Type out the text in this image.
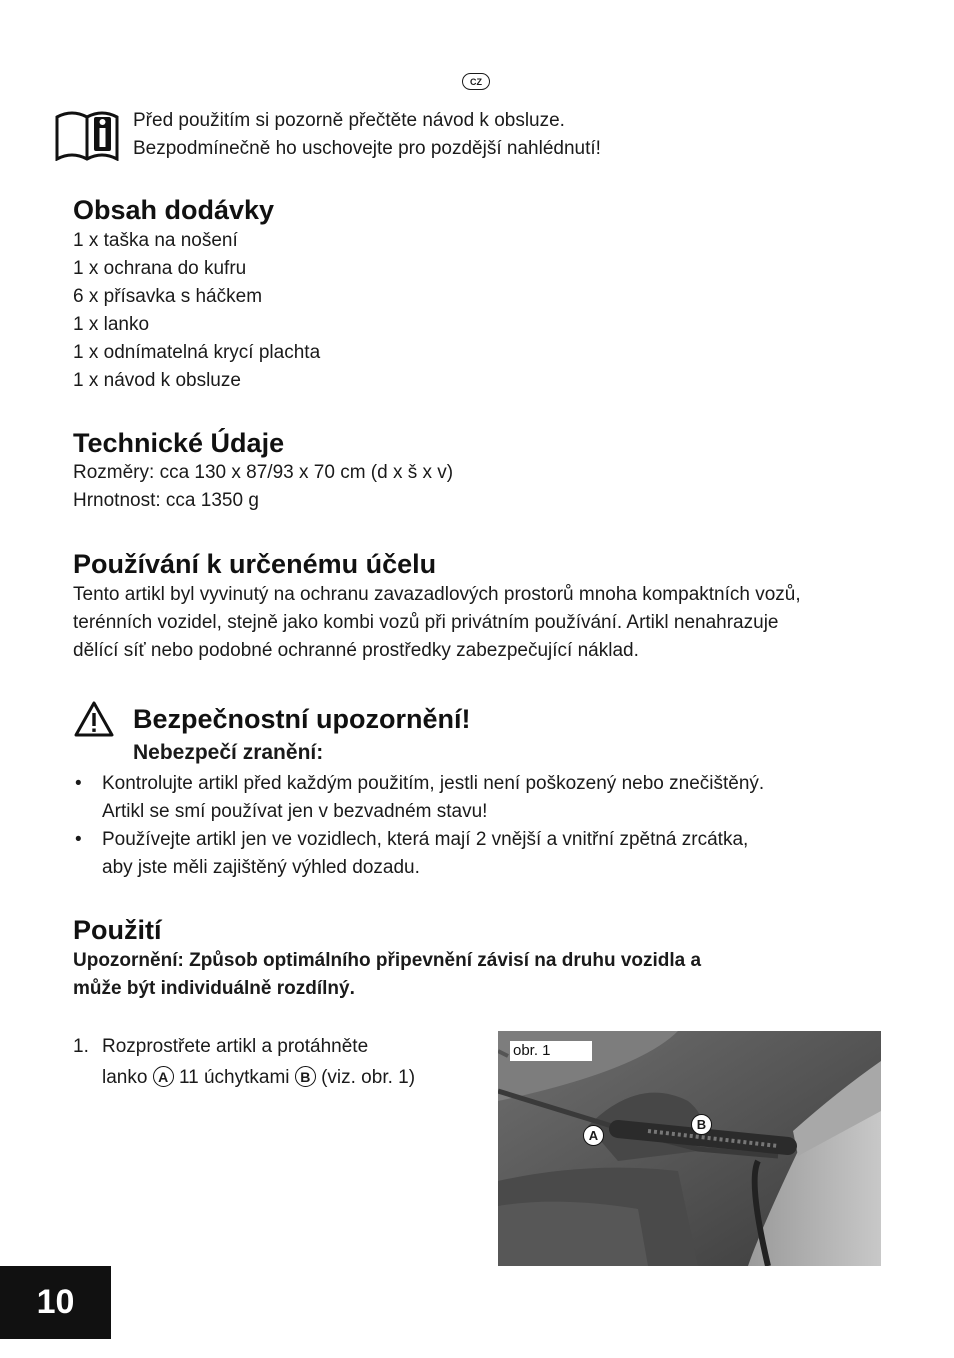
CZ
Před použitím si pozorně přečtěte návod k obsluze.
Bezpodmínečně ho uschovejte pro pozdější nahlédnutí!
Obsah dodávky
1 x taška na nošení
1 x ochrana do kufru
6 x přísavka s háčkem
1 x lanko
1 x odnímatelná krycí plachta
1 x návod k obsluze
Technické Údaje
Rozměry: cca 130 x 87/93 x 70 cm (d x š x v)
Hrnotnost: cca 1350 g
Používání k určenému účelu
Tento artikl byl vyvinutý na ochranu zavazadlových prostorů mnoha kompaktních vozů,
terénních vozidel, stejně jako kombi vozů při privátním používání. Artikl nenahrazuje
dělící síť nebo podobné ochranné prostředky zabezpečující náklad.
Bezpečnostní upozornění!
Nebezpečí zranění:
• Kontrolujte artikl před každým použitím, jestli není poškozený nebo znečištěný.
Artikl se smí používat jen v bezvadném stavu!
• Používejte artikl jen ve vozidlech, která mají 2 vnější a vnitřní zpětná zrcátka,
aby jste měli zajištěný výhled dozadu.
Použití
Upozornění: Způsob optimálního připevnění závisí na druhu vozidla a
může být individuálně rozdílný.
1. Rozprostřete artikl a protáhněte
lanko A 11 úchytkami B (viz. obr. 1)
obr. 1
A
B
10
